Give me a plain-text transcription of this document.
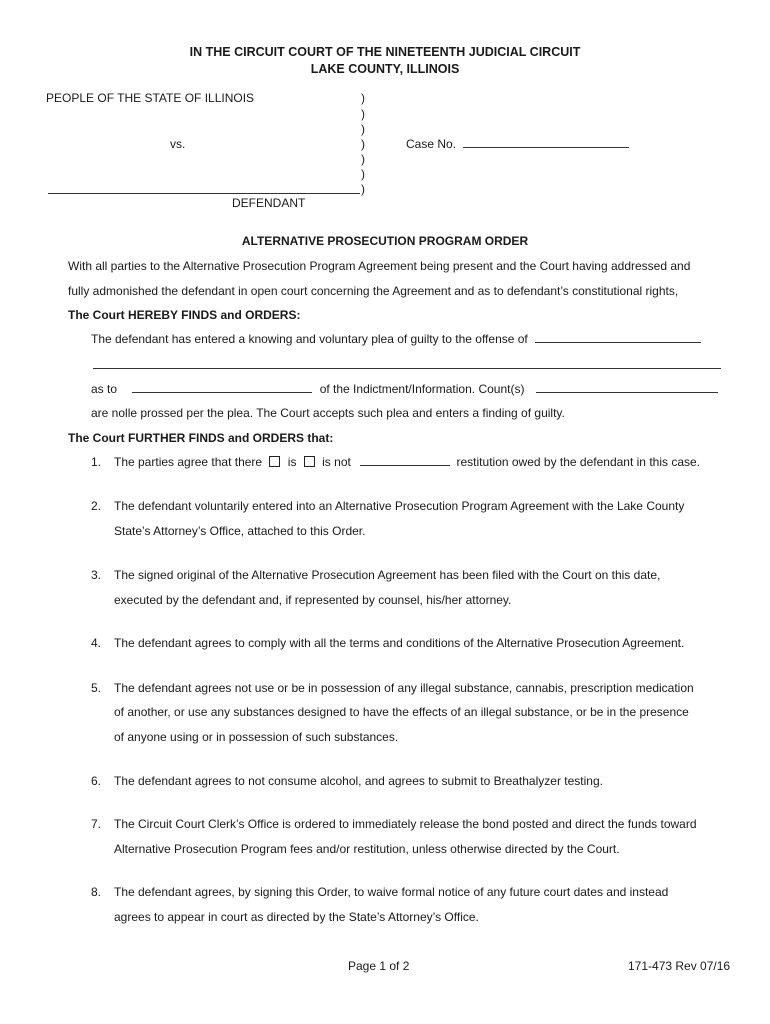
IN THE CIRCUIT COURT OF THE NINETEENTH JUDICIAL CIRCUIT
LAKE COUNTY, ILLINOIS
PEOPLE OF THE STATE OF ILLINOIS
vs.
)
)
)
)
)
)
)
Case No.
DEFENDANT
ALTERNATIVE PROSECUTION PROGRAM ORDER
With all parties to the Alternative Prosecution Program Agreement being present and the Court having addressed and
fully admonished the defendant in open court concerning the Agreement and as to defendant’s constitutional rights,
The Court HEREBY FINDS and ORDERS:
The defendant has entered a knowing and voluntary plea of guilty to the offense of
as to	of the Indictment/Information. Count(s)
are nolle prossed per the plea. The Court accepts such plea and enters a finding of guilty.
The Court FURTHER FINDS and ORDERS that:
1. The parties agree that there is is not	restitution owed by the defendant in this case.
2. The defendant voluntarily entered into an Alternative Prosecution Program Agreement with the Lake County
State’s Attorney’s Office, attached to this Order.
3. The signed original of the Alternative Prosecution Agreement has been filed with the Court on this date,
executed by the defendant and, if represented by counsel, his/her attorney.
4. The defendant agrees to comply with all the terms and conditions of the Alternative Prosecution Agreement.
5. The defendant agrees not use or be in possession of any illegal substance, cannabis, prescription medication
of another, or use any substances designed to have the effects of an illegal substance, or be in the presence
of anyone using or in possession of such substances.
6. The defendant agrees to not consume alcohol, and agrees to submit to Breathalyzer testing.
7. The Circuit Court Clerk’s Office is ordered to immediately release the bond posted and direct the funds toward
Alternative Prosecution Program fees and/or restitution, unless otherwise directed by the Court.
8. The defendant agrees, by signing this Order, to waive formal notice of any future court dates and instead
agrees to appear in court as directed by the State’s Attorney’s Office.
Page 1 of 2	171-473 Rev 07/16
